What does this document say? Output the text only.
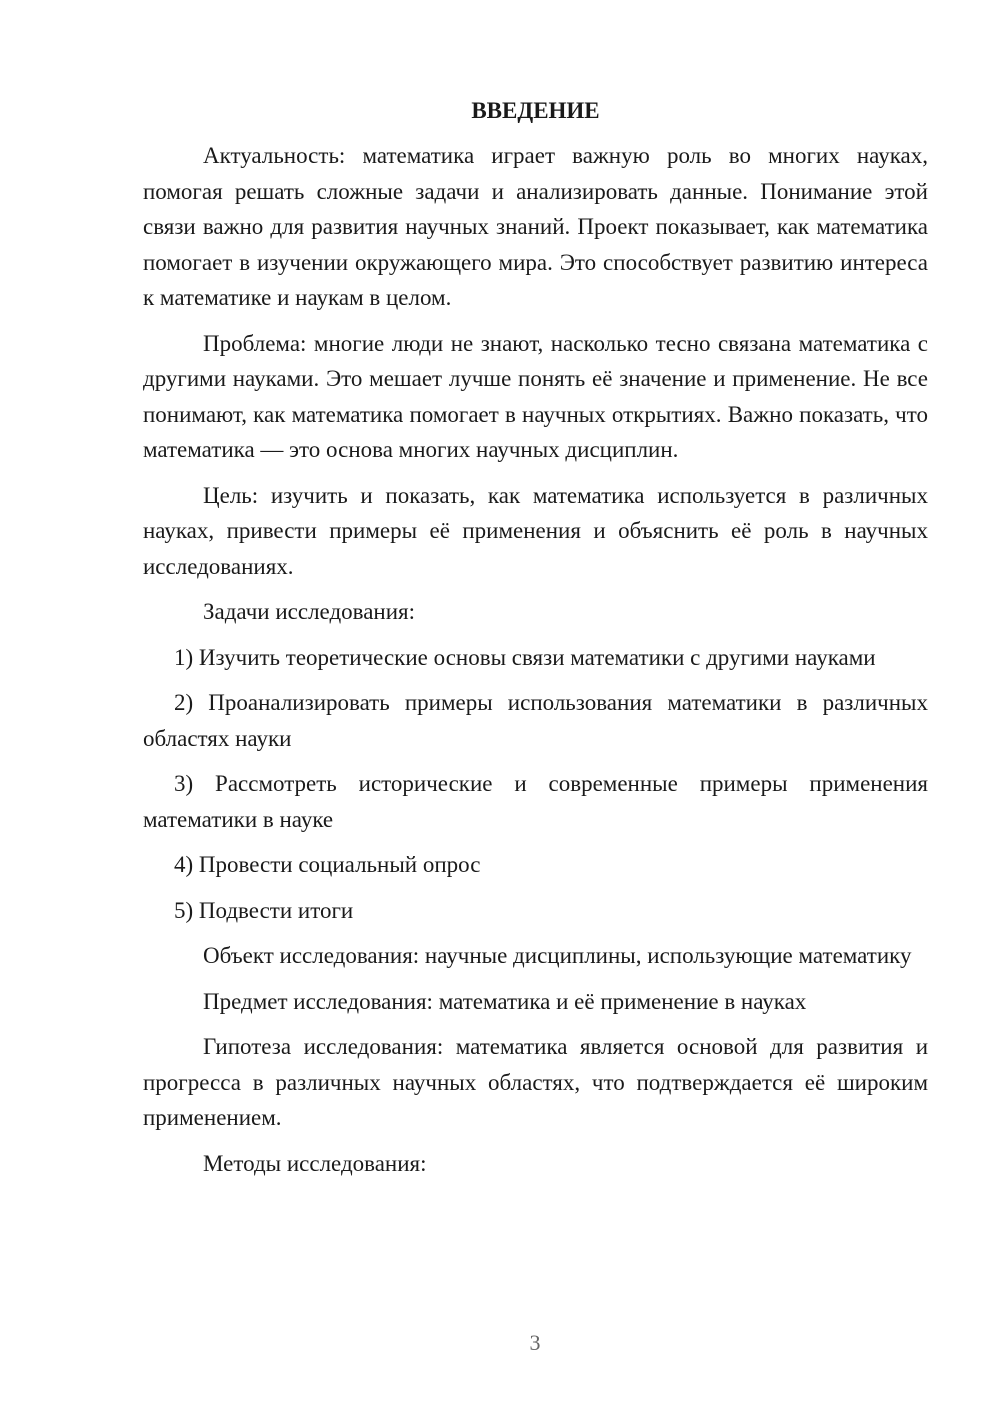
ВВЕДЕНИЕ

Актуальность: математика играет важную роль во многих науках, помогая решать сложные задачи и анализировать данные. Понимание этой связи важно для развития научных знаний. Проект показывает, как математика помогает в изучении окружающего мира. Это способствует развитию интереса к математике и наукам в целом.

Проблема: многие люди не знают, насколько тесно связана математика с другими науками. Это мешает лучше понять её значение и применение. Не все понимают, как математика помогает в научных открытиях. Важно показать, что математика — это основа многих научных дисциплин.

Цель: изучить и показать, как математика используется в различных науках, привести примеры её применения и объяснить её роль в научных исследованиях.

Задачи исследования:

1) Изучить теоретические основы связи математики с другими науками

2) Проанализировать примеры использования математики в различных областях науки

3) Рассмотреть исторические и современные примеры применения математики в науке

4) Провести социальный опрос

5) Подвести итоги

Объект исследования: научные дисциплины, использующие математику

Предмет исследования: математика и её применение в науках

Гипотеза исследования: математика является основой для развития и прогресса в различных научных областях, что подтверждается её широким применением.

Методы исследования:

3
